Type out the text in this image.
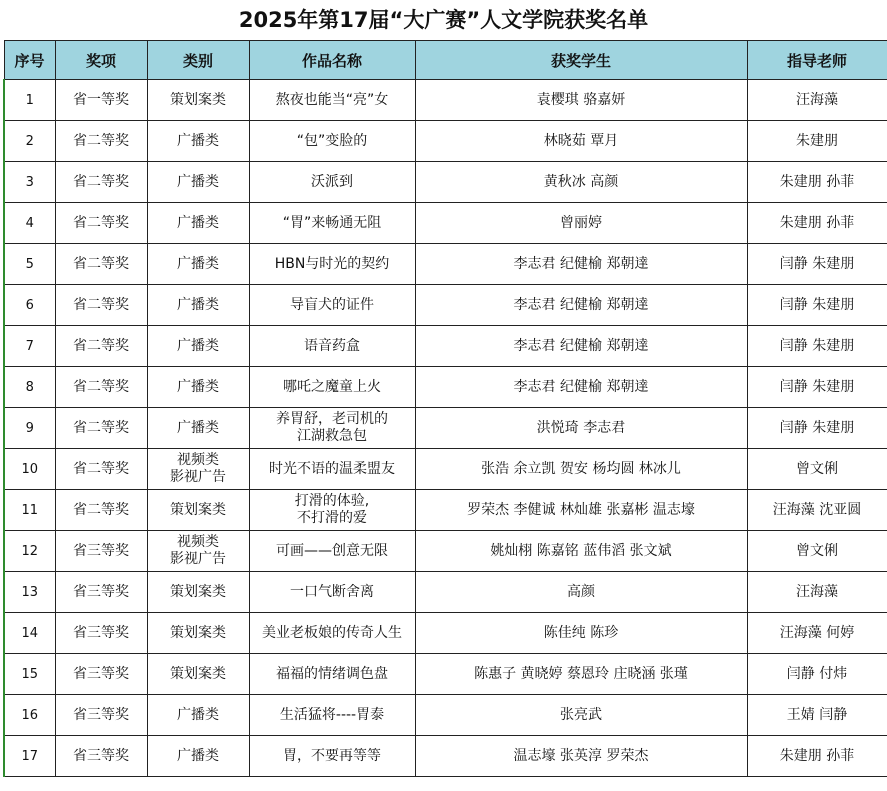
2025年第17届“大广赛”人文学院获奖名单
序号	奖项	类别	作品名称	获奖学生	指导老师
1	省一等奖	策划案类	熬夜也能当“亮”女	袁樱琪 骆嘉妍	汪海藻
2	省二等奖	广播类	“包”变脸的	林晓茹 覃月	朱建朋
3	省二等奖	广播类	沃派到	黄秋冰 高颜	朱建朋 孙菲
4	省二等奖	广播类	“胃”来畅通无阻	曾丽婷	朱建朋 孙菲
5	省二等奖	广播类	HBN与时光的契约	李志君 纪健榆 郑朝達	闫静 朱建朋
6	省二等奖	广播类	导盲犬的证件	李志君 纪健榆 郑朝達	闫静 朱建朋
7	省二等奖	广播类	语音药盒	李志君 纪健榆 郑朝達	闫静 朱建朋
8	省二等奖	广播类	哪吒之魔童上火	李志君 纪健榆 郑朝達	闫静 朱建朋
9	省二等奖	广播类	养胃舒，老司机的
江湖救急包	洪悦琦 李志君	闫静 朱建朋
10	省二等奖	视频类
影视广告	时光不语的温柔盟友	张浩 余立凯 贺安 杨均圆 林冰儿	曾文俐
11	省二等奖	策划案类	打滑的体验,
不打滑的爱	罗荣杰 李健诚 林灿雄 张嘉彬 温志壕	汪海藻 沈亚圆
12	省三等奖	视频类
影视广告	可画——创意无限	姚灿栩 陈嘉铭 蓝伟滔 张文斌	曾文俐
13	省三等奖	策划案类	一口气断舍离	高颜	汪海藻
14	省三等奖	策划案类	美业老板娘的传奇人生	陈佳纯 陈珍	汪海藻 何婷
15	省三等奖	策划案类	福福的情绪调色盘	陈惠子 黄晓婷 蔡恩玲 庄晓涵 张瑾	闫静 付炜
16	省三等奖	广播类	生活猛将----胃泰	张亮武	王婧 闫静
17	省三等奖	广播类	胃，不要再等等	温志壕 张英淳 罗荣杰	朱建朋 孙菲
